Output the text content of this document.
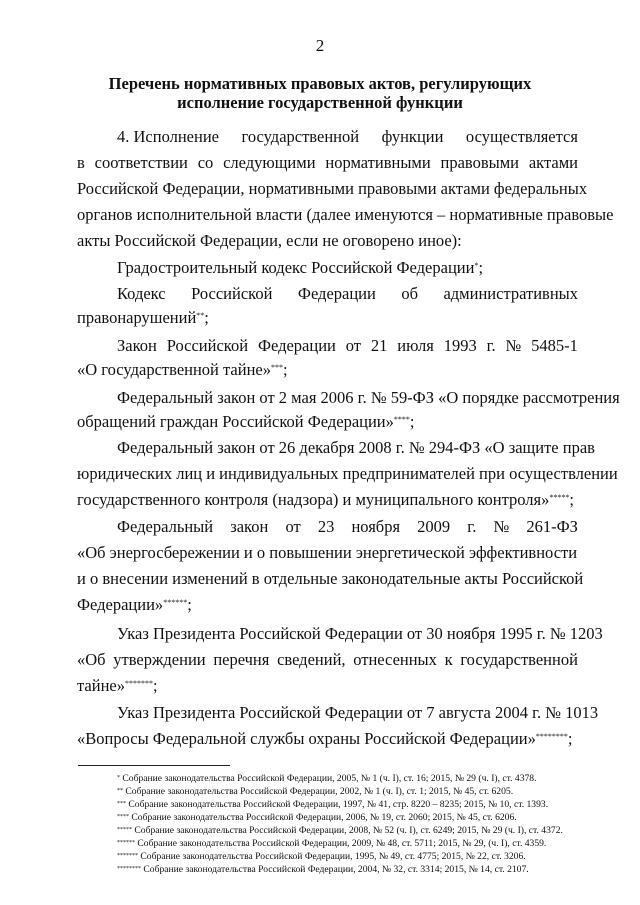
2
Перечень нормативных правовых актов, регулирующих
исполнение государственной функции
4. Исполнение государственной функции осуществляется
в соответствии со следующими нормативными правовыми актами
Российской Федерации, нормативными правовыми актами федеральных
органов исполнительной власти (далее именуются – нормативные правовые
акты Российской Федерации, если не оговорено иное):
Градостроительный кодекс Российской Федерации*;
Кодекс Российской Федерации об административных
правонарушений**;
Закон Российской Федерации от 21 июля 1993 г. № 5485-1
«О государственной тайне»***;
Федеральный закон от 2 мая 2006 г. № 59-ФЗ «О порядке рассмотрения
обращений граждан Российской Федерации»****;
Федеральный закон от 26 декабря 2008 г. № 294-ФЗ «О защите прав
юридических лиц и индивидуальных предпринимателей при осуществлении
государственного контроля (надзора) и муниципального контроля»*****;
Федеральный закон от 23 ноября 2009 г. № 261-ФЗ
«Об энергосбережении и о повышении энергетической эффективности
и о внесении изменений в отдельные законодательные акты Российской
Федерации»******;
Указ Президента Российской Федерации от 30 ноября 1995 г. № 1203
«Об утверждении перечня сведений, отнесенных к государственной
тайне»*******;
Указ Президента Российской Федерации от 7 августа 2004 г. № 1013
«Вопросы Федеральной службы охраны Российской Федерации»********;
* Собрание законодательства Российской Федерации, 2005, № 1 (ч. I), ст. 16; 2015, № 29 (ч. I), ст. 4378.
** Собрание законодательства Российской Федерации, 2002, № 1 (ч. I), ст. 1; 2015, № 45, ст. 6205.
*** Собрание законодательства Российской Федерации, 1997, № 41, стр. 8220 – 8235; 2015, № 10, ст. 1393.
**** Собрание законодательства Российской Федерации, 2006, № 19, ст. 2060; 2015, № 45, ст. 6206.
***** Собрание законодательства Российской Федерации, 2008, № 52 (ч. I), ст. 6249; 2015, № 29 (ч. I), ст. 4372.
****** Собрание законодательства Российской Федерации, 2009, № 48, ст. 5711; 2015, № 29, (ч. I), ст. 4359.
******* Собрание законодательства Российской Федерации, 1995, № 49, ст. 4775; 2015, № 22, ст. 3206.
******** Собрание законодательства Российской Федерации, 2004, № 32, ст. 3314; 2015, № 14, ст. 2107.
